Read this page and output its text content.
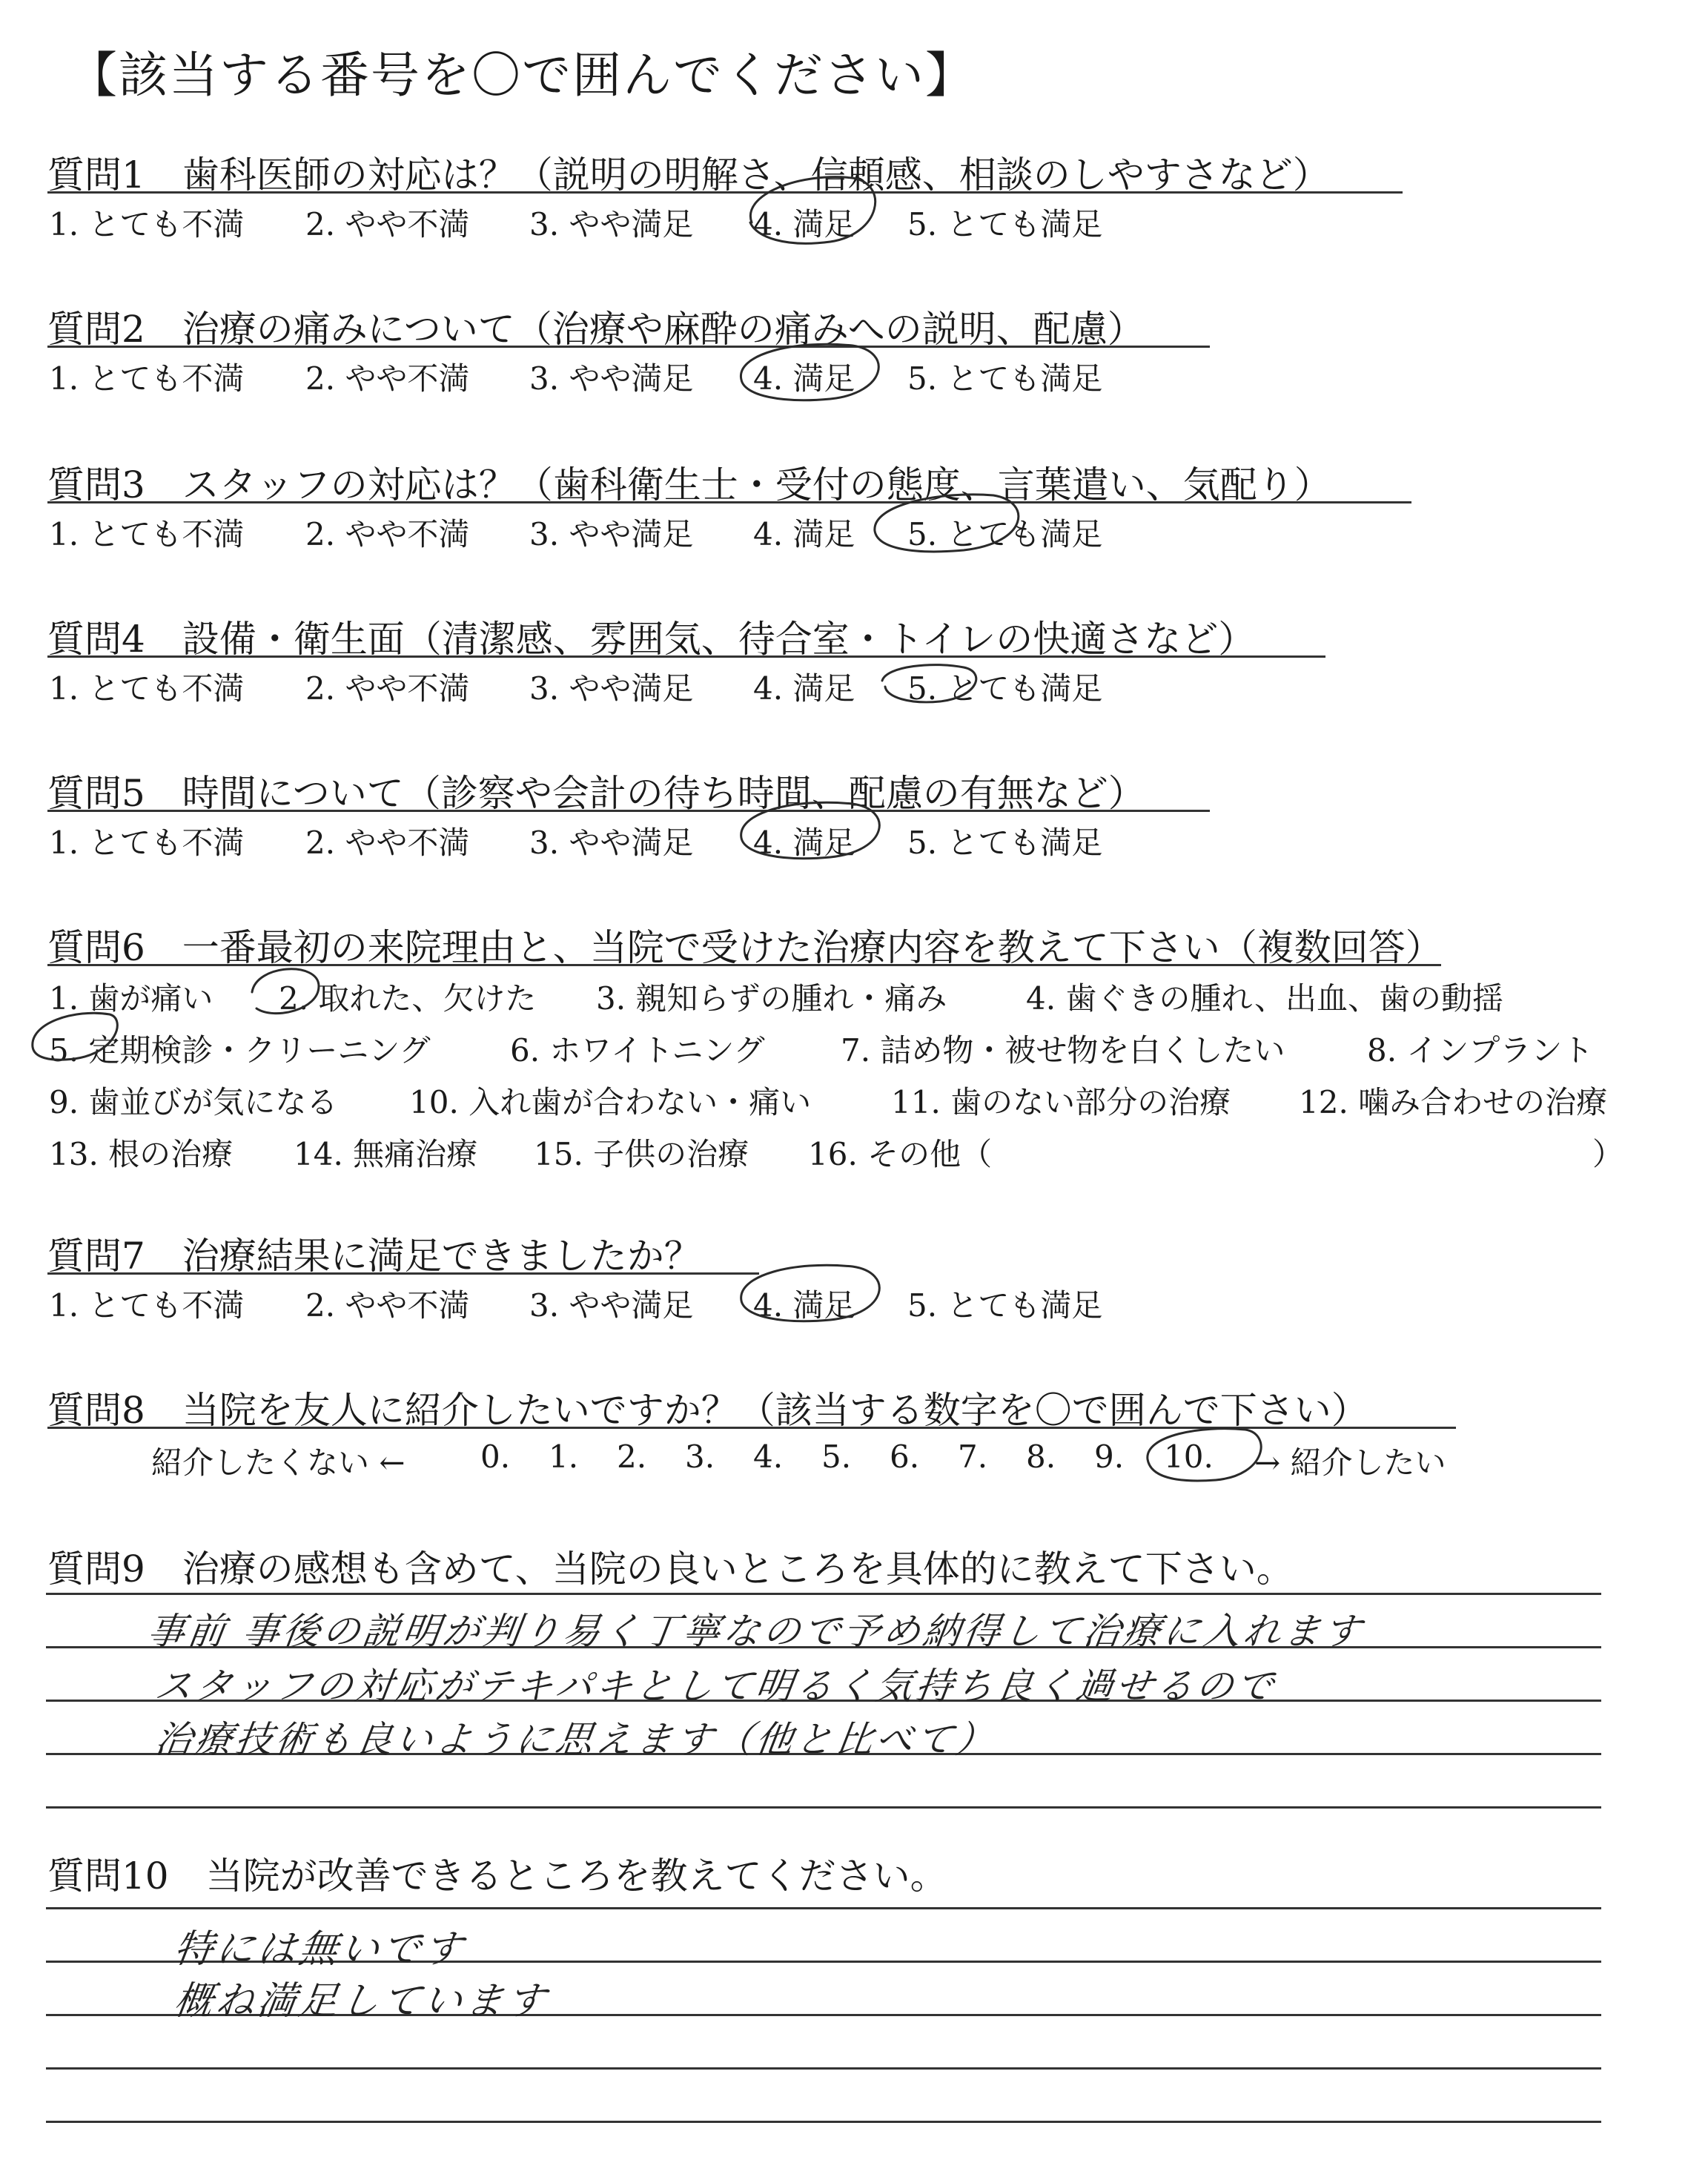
【該当する番号を〇で囲んでください】
質問1　歯科医師の対応は？（説明の明解さ、信頼感、相談のしやすさなど）
1. とても不満 2. やや不満 3. やや満足 4. 満足 5. とても満足
質問2　治療の痛みについて（治療や麻酔の痛みへの説明、配慮）
1. とても不満 2. やや不満 3. やや満足 4. 満足 5. とても満足
質問3　スタッフの対応は？（歯科衛生士・受付の態度、言葉遣い、気配り）
1. とても不満 2. やや不満 3. やや満足 4. 満足 5. とても満足
質問4　設備・衛生面（清潔感、雰囲気、待合室・トイレの快適さなど）
1. とても不満 2. やや不満 3. やや満足 4. 満足 5. とても満足
質問5　時間について（診察や会計の待ち時間、配慮の有無など）
1. とても不満 2. やや不満 3. やや満足 4. 満足 5. とても満足
質問6　一番最初の来院理由と、当院で受けた治療内容を教えて下さい（複数回答）
1. 歯が痛い 2. 取れた、欠けた 3. 親知らずの腫れ・痛み	4. 歯ぐきの腫れ、出血、歯の動揺
5. 定期検診・クリーニング	6. ホワイトニング 7. 詰め物・被せ物を白くしたい	8. インプラント
9. 歯並びが気になる 10. 入れ歯が合わない・痛い	11. 歯のない部分の治療 12. 噛み合わせの治療
13. 根の治療 14. 無痛治療 15. 子供の治療 16. その他（	）
質問7　治療結果に満足できましたか？
1. とても不満 2. やや不満 3. やや満足 4. 満足 5. とても満足
質問8　当院を友人に紹介したいですか？（該当する数字を〇で囲んで下さい）
紹介したくない ← 0. 1. 2. 3. 4. 5. 6. 7. 8. 9. 10. → 紹介したい
質問9　治療の感想も含めて、当院の良いところを具体的に教えて下さい。
事前 事後の説明が判り易く丁寧なので予め納得して治療に入れます
スタッフの対応がテキパキとして明るく気持ち良く過せるので
治療技術も良いように思えます（他と比べて）
質問10　当院が改善できるところを教えてください。
特には無いです
概ね満足しています
